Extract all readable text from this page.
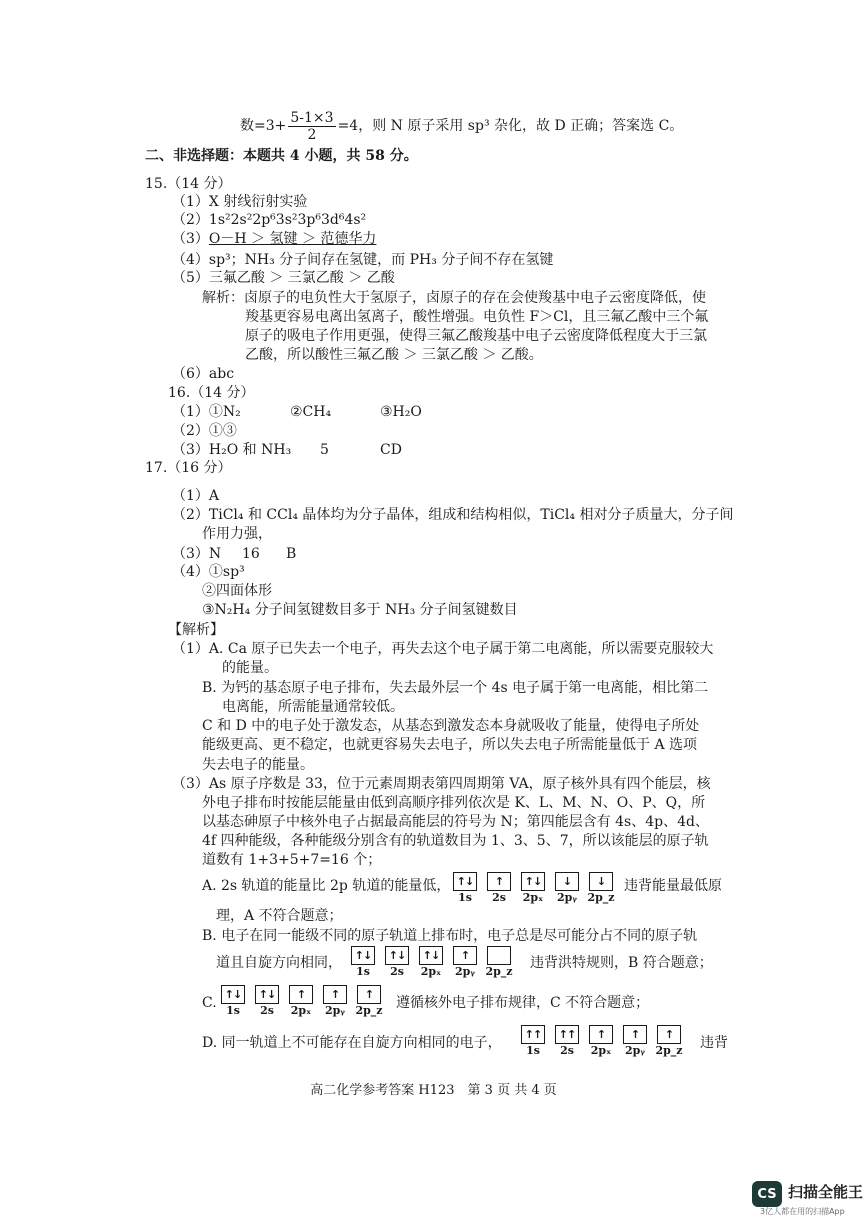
数$=3+ \frac{5-1\times 3}{2} =4$，则 N 原子采用 sp³ 杂化，故 D 正确；答案选 C。
二、非选择题：本题共 4 小题，共 58 分。
15.（14 分）
（1）X 射线衍射实验
（2）1s²2s²2p⁶3s²3p⁶3d⁶4s²
（3）O－H ＞ 氢键 ＞ 范德华力
（4）sp³；NH₃ 分子间存在氢键，而 PH₃ 分子间不存在氢键
（5）三氟乙酸 ＞ 三氯乙酸 ＞ 乙酸
解析：卤原子的电负性大于氢原子，卤原子的存在会使羧基中电子云密度降低，使
羧基更容易电离出氢离子，酸性增强。电负性 F＞Cl，且三氟乙酸中三个氟
原子的吸电子作用更强，使得三氟乙酸羧基中电子云密度降低程度大于三氯
乙酸，所以酸性三氟乙酸 ＞ 三氯乙酸 ＞ 乙酸。
（6）abc
16.（14 分）
（1）①N₂	②CH₄	③H₂O
（2）①③
（3）H₂O 和 NH₃ 5	CD
17.（16 分）
（1）A
（2）TiCl₄ 和 CCl₄ 晶体均为分子晶体，组成和结构相似，TiCl₄ 相对分子质量大，分子间
作用力强，
（3）N 16 B
（4）①sp³
②四面体形
③N₂H₄ 分子间氢键数目多于 NH₃ 分子间氢键数目
【解析】
（1）A. Ca 原子已失去一个电子，再失去这个电子属于第二电离能，所以需要克服较大
的能量。
B. 为钙的基态原子电子排布，失去最外层一个 4s 电子属于第一电离能，相比第二
电离能，所需能量通常较低。
C 和 D 中的电子处于激发态，从基态到激发态本身就吸收了能量，使得电子所处
能级更高、更不稳定，也就更容易失去电子，所以失去电子所需能量低于 A 选项
失去电子的能量。
（3）As 原子序数是 33，位于元素周期表第四周期第 VA，原子核外具有四个能层，核
外电子排布时按能层能量由低到高顺序排列依次是 K、L、M、N、O、P、Q，所
以基态砷原子中核外电子占据最高能层的符号为 N；第四能层含有 4s、4p、4d、
4f 四种能级，各种能级分别含有的轨道数目为 1、3、5、7，所以该能层的原子轨
道数有 1+3+5+7=16 个；
A. 2s 轨道的能量比 2p 轨道的能量低， ↑↓
1s
↑
2s
↑↓
2pₓ
↓
2pᵧ
↓
2p_z
违背能量最低原
理，A 不符合题意；
B. 电子在同一能级不同的原子轨道上排布时，电子总是尽可能分占不同的原子轨
道且自旋方向相同，	↑↓
1s
↑↓
2s
↑↓
2pₓ
↑
2pᵧ 2p_z
违背洪特规则，B 符合题意；
C.
↑↓
1s
↑↓
2s
↑
2pₓ
↑
2pᵧ
↑
2p_z 遵循核外电子排布规律，C 不符合题意；
D. 同一轨道上不可能存在自旋方向相同的电子，
↑↑
1s
↑↑
2s
↑
2pₓ
↑
2pᵧ
↑
2p_z 违背
高二化学参考答案 H123　第 3 页 共 4 页
CS 扫描全能王
3亿人都在用的扫描App
